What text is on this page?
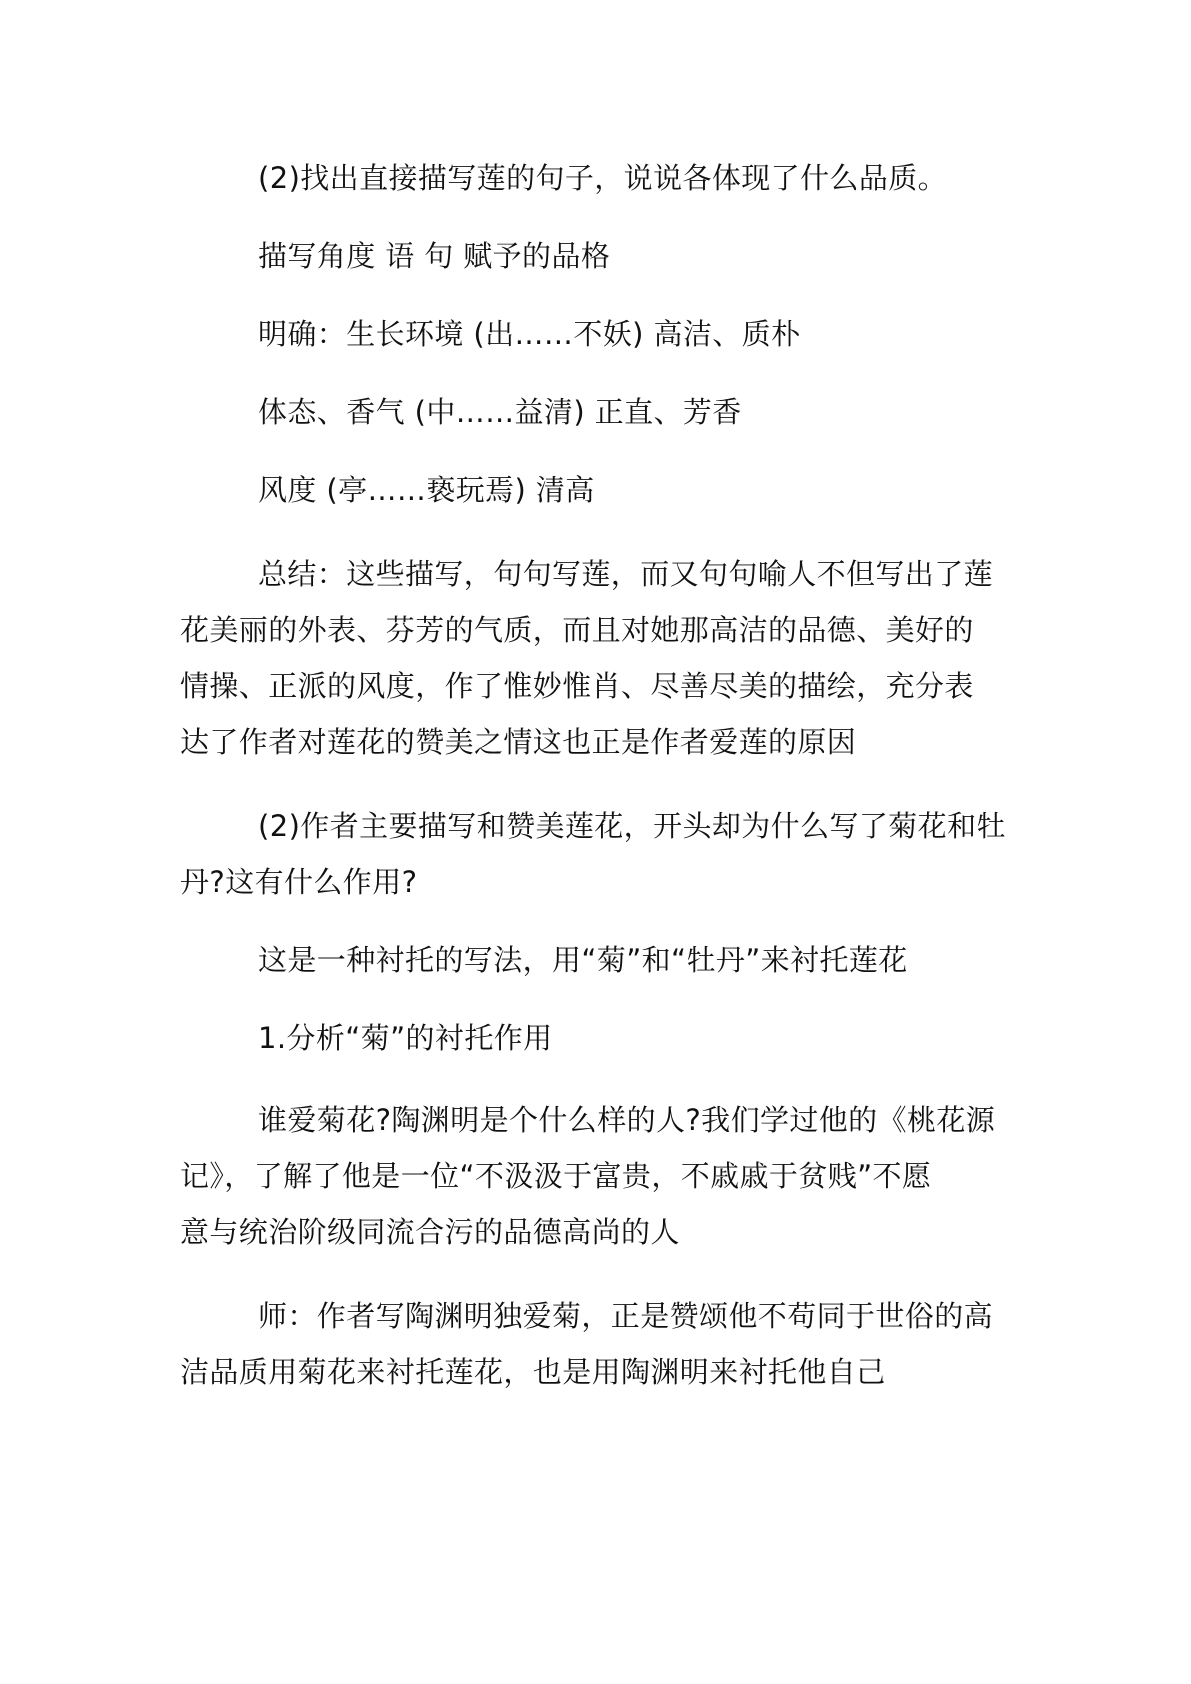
(2)找出直接描写莲的句子，说说各体现了什么品质。

描写角度 语 句 赋予的品格

明确：生长环境 (出……不妖) 高洁、质朴

体态、香气 (中……益清) 正直、芳香

风度 (亭……亵玩焉) 清高

总结：这些描写，句句写莲，而又句句喻人不但写出了莲
花美丽的外表、芬芳的气质，而且对她那高洁的品德、美好的
情操、正派的风度，作了惟妙惟肖、尽善尽美的描绘，充分表
达了作者对莲花的赞美之情这也正是作者爱莲的原因

(2)作者主要描写和赞美莲花，开头却为什么写了菊花和牡
丹?这有什么作用?

这是一种衬托的写法，用“菊”和“牡丹”来衬托莲花

1.分析“菊”的衬托作用

谁爱菊花?陶渊明是个什么样的人?我们学过他的《桃花源
记》，了解了他是一位“不汲汲于富贵，不戚戚于贫贱”不愿
意与统治阶级同流合污的品德高尚的人

师：作者写陶渊明独爱菊，正是赞颂他不苟同于世俗的高
洁品质用菊花来衬托莲花，也是用陶渊明来衬托他自己
